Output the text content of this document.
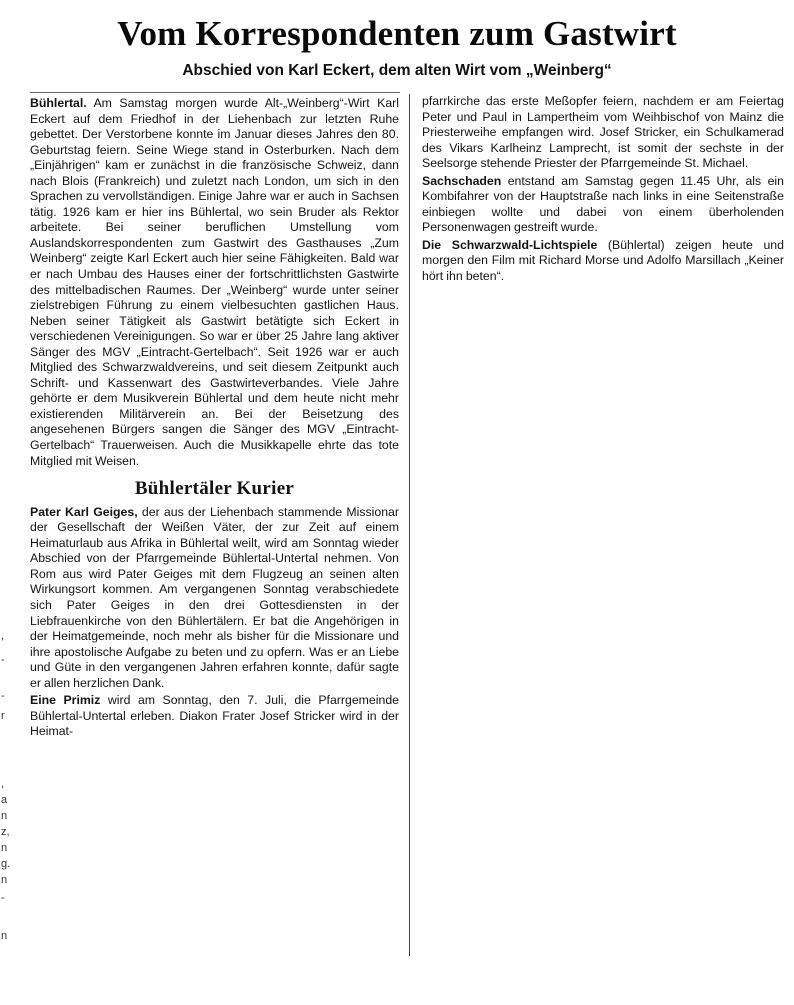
Vom Korrespondenten zum Gastwirt
Abschied von Karl Eckert, dem alten Wirt vom „Weinberg“

Bühlertal. Am Samstag morgen wurde Alt-„Weinberg“-Wirt Karl Eckert auf dem Friedhof in der Liehenbach zur letzten Ruhe gebettet. Der Verstorbene konnte im Januar dieses Jahres den 80. Geburtstag feiern. Seine Wiege stand in Osterburken. Nach dem „Einjährigen“ kam er zunächst in die französische Schweiz, dann nach Blois (Frankreich) und zuletzt nach London, um sich in den Sprachen zu vervollständigen. Einige Jahre war er auch in Sachsen tätig. 1926 kam er hier ins Bühlertal, wo sein Bruder als Rektor arbeitete. Bei seiner beruflichen Umstellung vom Auslandskorrespondenten zum Gastwirt des Gasthauses „Zum Weinberg“ zeigte Karl Eckert auch hier seine Fähigkeiten. Bald war er nach Umbau des Hauses einer der fortschrittlichsten Gastwirte des mittelbadischen Raumes. Der „Weinberg“ wurde unter seiner zielstrebigen Führung zu einem vielbesuchten gastlichen Haus. Neben seiner Tätigkeit als Gastwirt betätigte sich Eckert in verschiedenen Vereinigungen. So war er über 25 Jahre lang aktiver Sänger des MGV „Eintracht-Gertelbach“. Seit 1926 war er auch Mitglied des Schwarzwaldvereins, und seit diesem Zeitpunkt auch Schrift- und Kassenwart des Gastwirteverbandes. Viele Jahre gehörte er dem Musikverein Bühlertal und dem heute nicht mehr existierenden Militärverein an. Bei der Beisetzung des angesehenen Bürgers sangen die Sänger des MGV „Eintracht-Gertelbach“ Trauerweisen. Auch die Musikkapelle ehrte das tote Mitglied mit Weisen.

Bühlertäler Kurier

Pater Karl Geiges, der aus der Liehenbach stammende Missionar der Gesellschaft der Weißen Väter, der zur Zeit auf einem Heimaturlaub aus Afrika in Bühlertal weilt, wird am Sonntag wieder Abschied von der Pfarrgemeinde Bühlertal-Untertal nehmen. Von Rom aus wird Pater Geiges mit dem Flugzeug an seinen alten Wirkungsort kommen. Am vergangenen Sonntag verabschiedete sich Pater Geiges in den drei Gottesdiensten in der Liebfrauenkirche von den Bühlertälern. Er bat die Angehörigen in der Heimatgemeinde, noch mehr als bisher für die Missionare und ihre apostolische Aufgabe zu beten und zu opfern. Was er an Liebe und Güte in den vergangenen Jahren erfahren konnte, dafür sagte er allen herzlichen Dank.

Eine Primiz wird am Sonntag, den 7. Juli, die Pfarrgemeinde Bühlertal-Untertal erleben. Diakon Frater Josef Stricker wird in der Heimat-

pfarrkirche das erste Meßopfer feiern, nachdem er am Feiertag Peter und Paul in Lampertheim vom Weihbischof von Mainz die Priesterweihe empfangen wird. Josef Stricker, ein Schulkamerad des Vikars Karlheinz Lamprecht, ist somit der sechste in der Seelsorge stehende Priester der Pfarrgemeinde St. Michael.

Sachschaden entstand am Samstag gegen 11.45 Uhr, als ein Kombifahrer von der Hauptstraße nach links in eine Seitenstraße einbiegen wollte und dabei von einem überholenden Personenwagen gestreift wurde.

Die Schwarzwald-Lichtspiele (Bühlertal) zeigen heute und morgen den Film mit Richard Morse und Adolfo Marsillach „Keiner hört ihn beten“.

,
-
-
r
,
a
n
z,
n
g.
n
-
n
